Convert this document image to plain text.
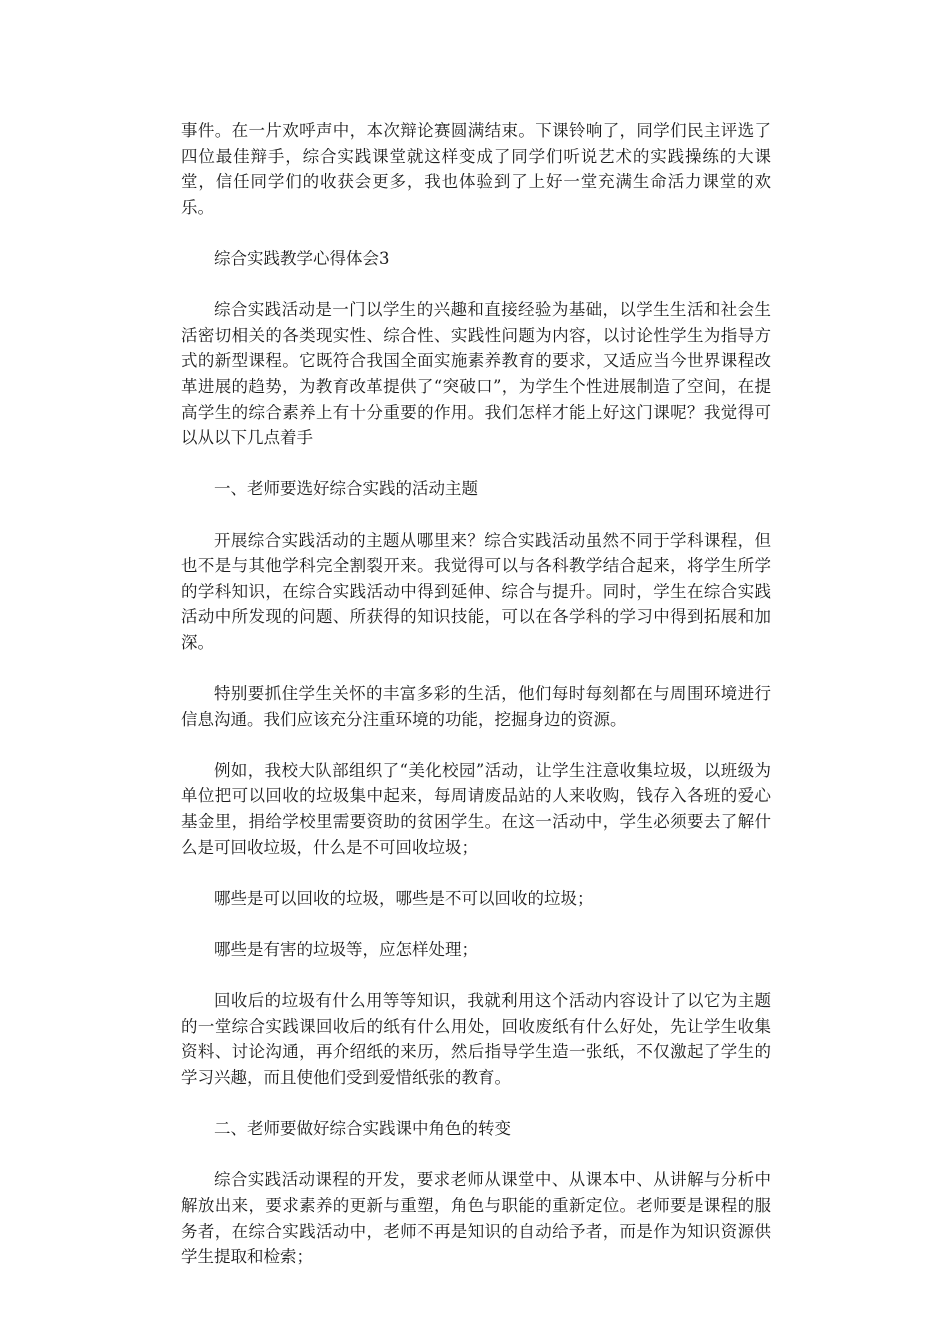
事件。在一片欢呼声中，本次辩论赛圆满结束。下课铃响了，同学们民主评选了四位最佳辩手，综合实践课堂就这样变成了同学们听说艺术的实践操练的大课堂，信任同学们的收获会更多，我也体验到了上好一堂充满生命活力课堂的欢乐。

综合实践教学心得体会3

综合实践活动是一门以学生的兴趣和直接经验为基础，以学生生活和社会生活密切相关的各类现实性、综合性、实践性问题为内容，以讨论性学生为指导方式的新型课程。它既符合我国全面实施素养教育的要求，又适应当今世界课程改革进展的趋势，为教育改革提供了“突破口”，为学生个性进展制造了空间，在提高学生的综合素养上有十分重要的作用。我们怎样才能上好这门课呢？我觉得可以从以下几点着手

一、老师要选好综合实践的活动主题

开展综合实践活动的主题从哪里来？综合实践活动虽然不同于学科课程，但也不是与其他学科完全割裂开来。我觉得可以与各科教学结合起来，将学生所学的学科知识，在综合实践活动中得到延伸、综合与提升。同时，学生在综合实践活动中所发现的问题、所获得的知识技能，可以在各学科的学习中得到拓展和加深。

特别要抓住学生关怀的丰富多彩的生活，他们每时每刻都在与周围环境进行信息沟通。我们应该充分注重环境的功能，挖掘身边的资源。

例如，我校大队部组织了“美化校园”活动，让学生注意收集垃圾，以班级为单位把可以回收的垃圾集中起来，每周请废品站的人来收购，钱存入各班的爱心基金里，捐给学校里需要资助的贫困学生。在这一活动中，学生必须要去了解什么是可回收垃圾，什么是不可回收垃圾；

哪些是可以回收的垃圾，哪些是不可以回收的垃圾；

哪些是有害的垃圾等，应怎样处理；

回收后的垃圾有什么用等等知识，我就利用这个活动内容设计了以它为主题的一堂综合实践课回收后的纸有什么用处，回收废纸有什么好处，先让学生收集资料、讨论沟通，再介绍纸的来历，然后指导学生造一张纸，不仅激起了学生的学习兴趣，而且使他们受到爱惜纸张的教育。

二、老师要做好综合实践课中角色的转变

综合实践活动课程的开发，要求老师从课堂中、从课本中、从讲解与分析中解放出来，要求素养的更新与重塑，角色与职能的重新定位。老师要是课程的服务者，在综合实践活动中，老师不再是知识的自动给予者，而是作为知识资源供学生提取和检索；
